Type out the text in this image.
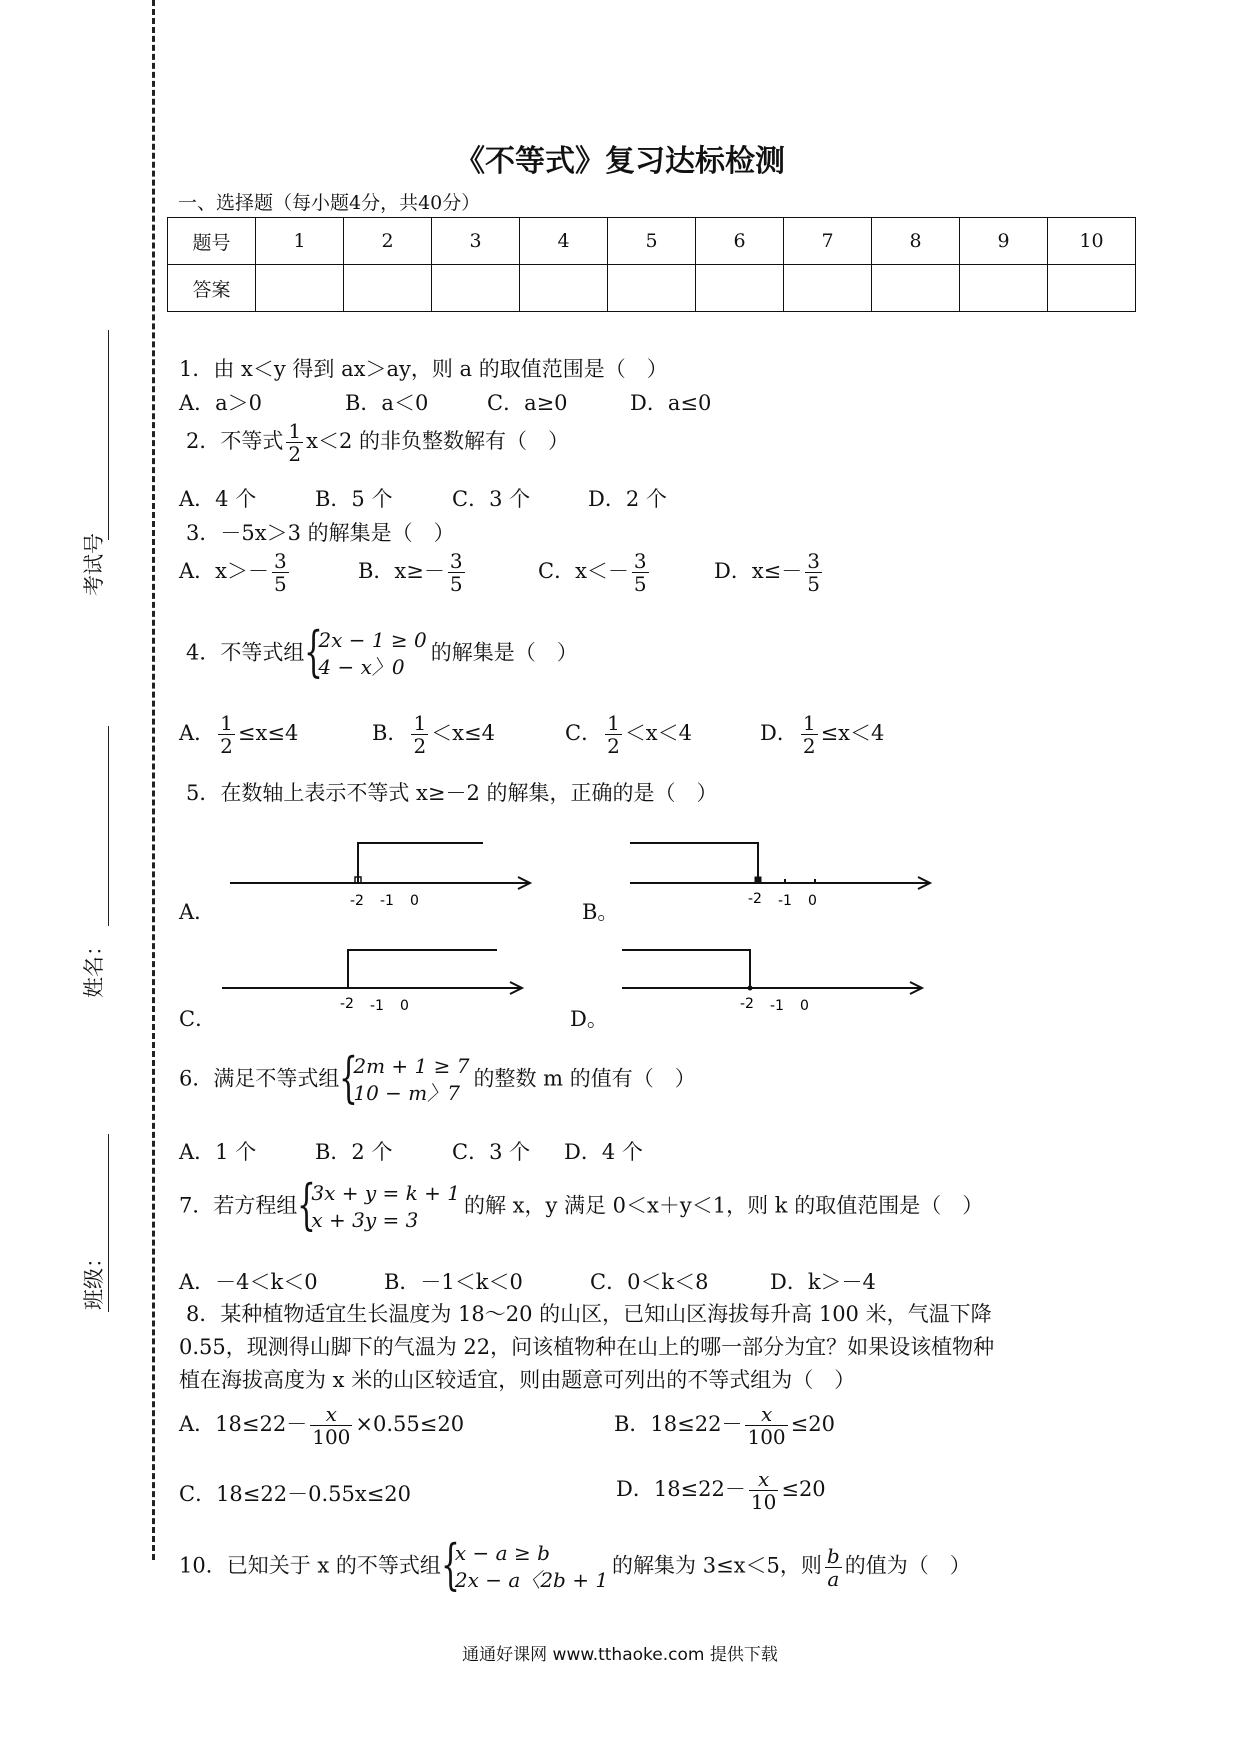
考试号
姓名：
班级：
《不等式》复习达标检测
一、选择题（每小题4分，共40分）
题号	1	2	3	4	5	6	7	8	9	10
答案										
1．由 x＜y 得到 ax＞ay，则 a 的取值范围是（　）
A．a＞0	B．a＜0	C．a≥0	D．a≤0
2．不等式 $\frac{1}{2} x<2$ 的非负整数解有（　）
A．4 个	B．5 个	C．3 个	D．2 个
3．－5x＞3 的解集是（　）
A．$x>- \frac{3}{5}$	B．$x\ge- \frac{3}{5}$	C．$x<- \frac{3}{5}$	D．$x\le- \frac{3}{5}$
4．不等式组 {
2x − 1 ≥ 0
4 − x〉0
的解集是（　）
A． $\frac{1}{2} \le x\le 4$	B． $\frac{1}{2} <x\le 4$	C． $\frac{1}{2} <x<4$	D． $\frac{1}{2} \le x<4$
5．在数轴上表示不等式 x≥－2 的解集，正确的是（　）
-2 -1 0
A．
-2 -1 0
B。
-2 -1 0
C．
-2 -1 0
D。
6．满足不等式组 {
2m + 1 ≥ 7
10 − m〉7
的整数 m 的值有（　）
A．1 个	B．2 个	C．3 个 D．4 个
7．若方程组 {
3x + y = k + 1
x + 3y = 3
的解 x，y 满足 0＜x＋y＜1，则 k 的取值范围是（　）
A．－4＜k＜0	B．－1＜k＜0	C．0＜k＜8	D．k＞－4
8．某种植物适宜生长温度为 18～20 的山区，已知山区海拔每升高 100 米，气温下降
0.55，现测得山脚下的气温为 22，问该植物种在山上的哪一部分为宜？如果设该植物种
植在海拔高度为 x 米的山区较适宜，则由题意可列出的不等式组为（　）
A．$18\le 22- \frac{x}{100} \times 0.55\le 20$	B．$18\le 22- \frac{x}{100} \le 20$
C．18≤22－0.55x≤20	D．$18\le 22- \frac{x}{10} \le 20$
10．已知关于 x 的不等式组 {
x − a ≥ b
2x − a〈2b + 1
的解集为 3≤x＜5，则 $\frac{b}{a}$ 的值为（　）
通通好课网 www.tthaoke.com 提供下载
